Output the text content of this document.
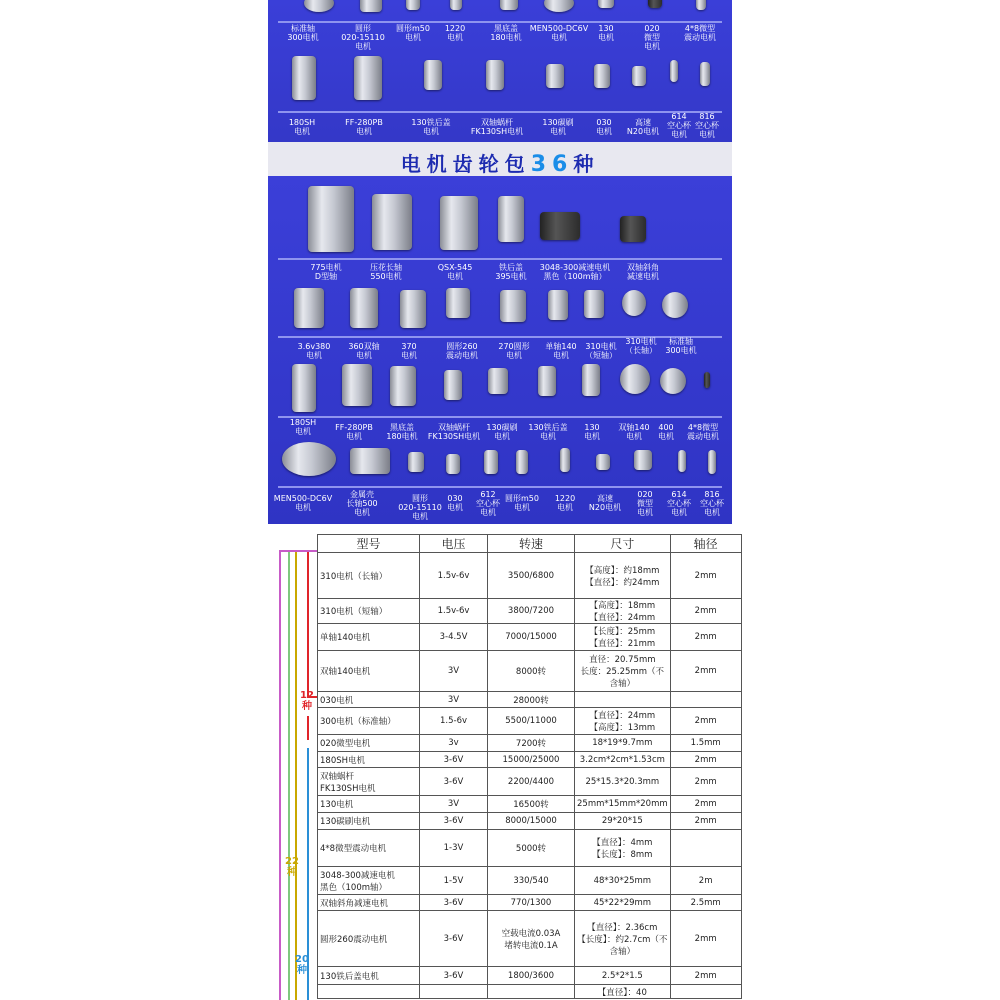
电机齿轮包36种
标准轴
300电机
圆形
020-15110
电机
圆形m50
电机
1220
电机
黑底盖
180电机
MEN500-DC6V
电机
130
电机
020
微型
电机
4*8微型
震动电机
180SH
电机
FF-280PB
电机
130铁后盖
电机
双轴蜗杆
FK130SH电机
130碳刷
电机
030
电机
高速
N20电机
614
空心杯
电机
816
空心杯
电机
775电机
D型轴
压花长轴
550电机
QSX-545
电机
铁后盖
395电机
3048-300减速电机
黑色（100m轴）
双轴斜角
减速电机
3.6v380
电机
360双轴
电机
370
电机
圆形260
震动电机
270圆形
电机
单轴140
电机
310电机
（短轴）
310电机
（长轴）
标准轴
300电机
180SH
电机	FF-280PB
电机
黑底盖
180电机
双轴蜗杆
FK130SH电机
130碳刷
电机
130铁后盖
电机
130
电机
双轴140
电机
400
电机
4*8微型
震动电机
MEN500-DC6V
电机
金属壳
长轴500
电机
圆形
020-15110
电机
030
电机
612
空心杯
电机
圆形m50
电机
1220
电机
高速
N20电机
020
微型
电机
614
空心杯
电机
816
空心杯
电机
12
种
22
种
20
种
型号	电压	转速	尺寸	轴径
310电机（长轴）	1.5v-6v	3500/6800	【高度】：约18mm
【直径】：约24mm	2mm
310电机（短轴）	1.5v-6v	3800/7200	【高度】：18mm
【直径】：24mm	2mm
单轴140电机	3-4.5V	7000/15000	【长度】：25mm
【直径】：21mm	2mm
双轴140电机	3V	8000转	直径：20.75mm
长度：25.25mm（不含轴）	2mm
030电机	3V	28000转		
300电机（标准轴）	1.5-6v	5500/11000	【直径】：24mm
【高度】：13mm	2mm
020微型电机	3v	7200转	18*19*9.7mm	1.5mm
180SH电机	3-6V	15000/25000	3.2cm*2cm*1.53cm	2mm
双轴蜗杆
FK130SH电机	3-6V	2200/4400	25*15.3*20.3mm	2mm
130电机	3V	16500转	25mm*15mm*20mm	2mm
130碳刷电机	3-6V	8000/15000	29*20*15	2mm
4*8微型震动电机	1-3V	5000转	【直径】：4mm
【长度】：8mm	
3048-300减速电机
黑色（100m轴）	1-5V	330/540	48*30*25mm	2m
双轴斜角减速电机	3-6V	770/1300	45*22*29mm	2.5mm
圆形260震动电机	3-6V	空载电流0.03A
堵转电流0.1A	【直径】：2.36cm
【长度】：约2.7cm（不含轴）	2mm
130铁后盖电机	3-6V	1800/3600	2.5*2*1.5	2mm
			【直径】：40	
